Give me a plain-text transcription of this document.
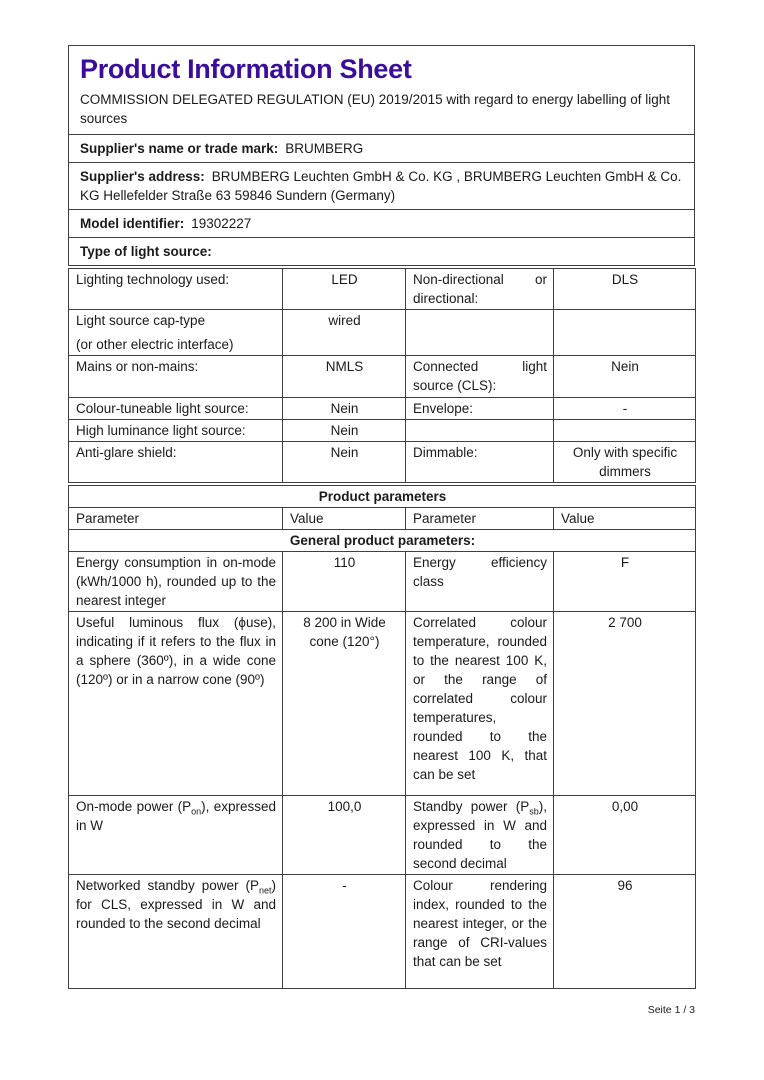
Product Information Sheet

COMMISSION DELEGATED REGULATION (EU) 2019/2015 with regard to energy labelling of light sources

Supplier's name or trade mark: BRUMBERG
Supplier's address: BRUMBERG Leuchten GmbH & Co. KG , BRUMBERG Leuchten GmbH & Co. KG Hellefelder Straße 63 59846 Sundern (Germany)
Model identifier: 19302227
Type of light source:
Lighting technology used:	LED	Non-directional or directional:	DLS

Light source cap-type
(or other electric interface)	wired		
Mains or non-mains:	NMLS	Connected light source (CLS):	Nein
Colour-tuneable light source:	Nein	Envelope:	-
High luminance light source:	Nein		
Anti-glare shield:	Nein	Dimmable:	Only with specific dimmers
Product parameters			
Parameter	Value	Parameter	Value
General product parameters:			
Energy consumption in on-mode (kWh/1000 h), rounded up to the nearest integer	110	Energy efficiency class	F
Useful luminous flux (ϕuse), indicating if it refers to the flux in a sphere (360º), in a wide cone (120º) or in a narrow cone (90º)	8 200 in Wide cone (120°)	Correlated colour temperature, rounded to the nearest 100 K, or the range of correlated colour temperatures, rounded to the nearest 100 K, that can be set	2 700
On-mode power $(P_{on})$, expressed in W	100,0	Standby power $(P_{sb})$, expressed in W and rounded to the second decimal	0,00
Networked standby power $(P_{net})$ for CLS, expressed in W and rounded to the second decimal	-	Colour rendering index, rounded to the nearest integer, or the range of CRI-values that can be set	96
Seite 1 / 3
